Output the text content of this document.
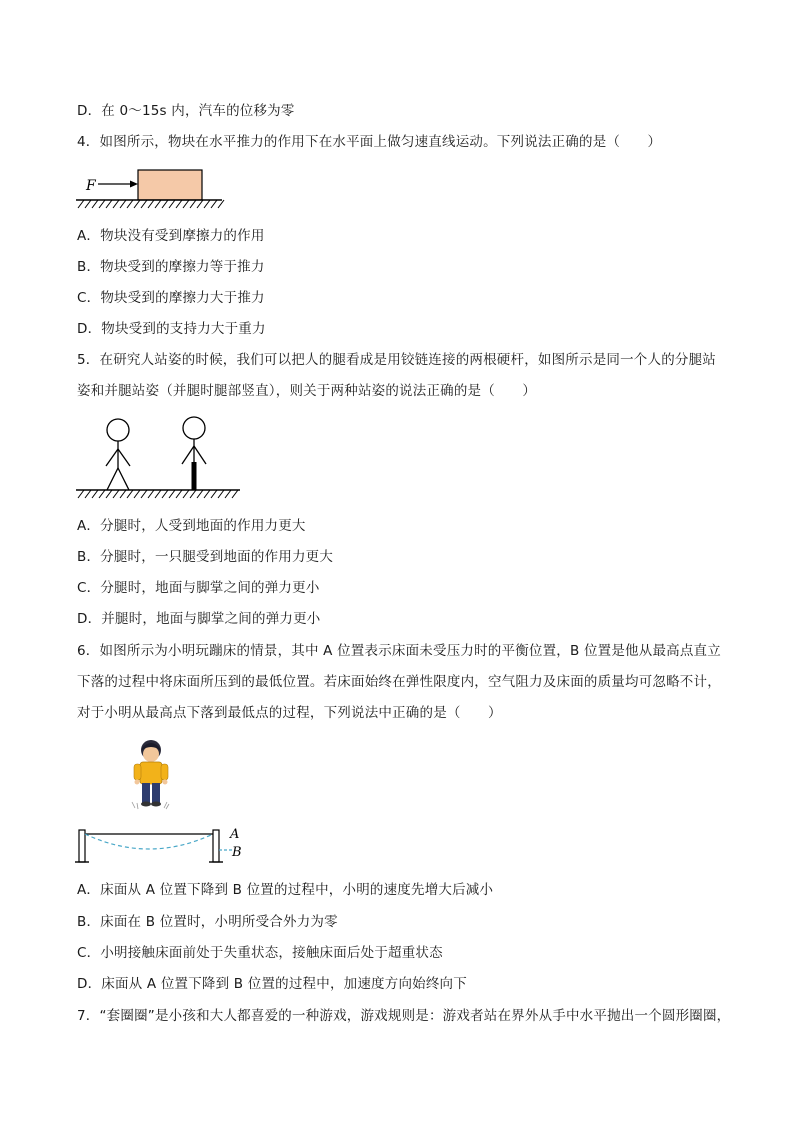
D．在 0～15s 内，汽车的位移为零
4．如图所示，物块在水平推力的作用下在水平面上做匀速直线运动。下列说法正确的是（　　）
F
A．物块没有受到摩擦力的作用
B．物块受到的摩擦力等于推力
C．物块受到的摩擦力大于推力
D．物块受到的支持力大于重力
5．在研究人站姿的时候，我们可以把人的腿看成是用铰链连接的两根硬杆，如图所示是同一个人的分腿站
姿和并腿站姿（并腿时腿部竖直），则关于两种站姿的说法正确的是（　　）
A．分腿时，人受到地面的作用力更大
B．分腿时，一只腿受到地面的作用力更大
C．分腿时，地面与脚掌之间的弹力更小
D．并腿时，地面与脚掌之间的弹力更小
6．如图所示为小明玩蹦床的情景，其中 A 位置表示床面未受压力时的平衡位置，B 位置是他从最高点直立
下落的过程中将床面所压到的最低位置。若床面始终在弹性限度内，空气阻力及床面的质量均可忽略不计，
对于小明从最高点下落到最低点的过程，下列说法中正确的是（　　）
A
B
A．床面从 A 位置下降到 B 位置的过程中，小明的速度先增大后减小
B．床面在 B 位置时，小明所受合外力为零
C．小明接触床面前处于失重状态，接触床面后处于超重状态
D．床面从 A 位置下降到 B 位置的过程中，加速度方向始终向下
7．“套圈圈”是小孩和大人都喜爱的一种游戏，游戏规则是：游戏者站在界外从手中水平抛出一个圆形圈圈，
